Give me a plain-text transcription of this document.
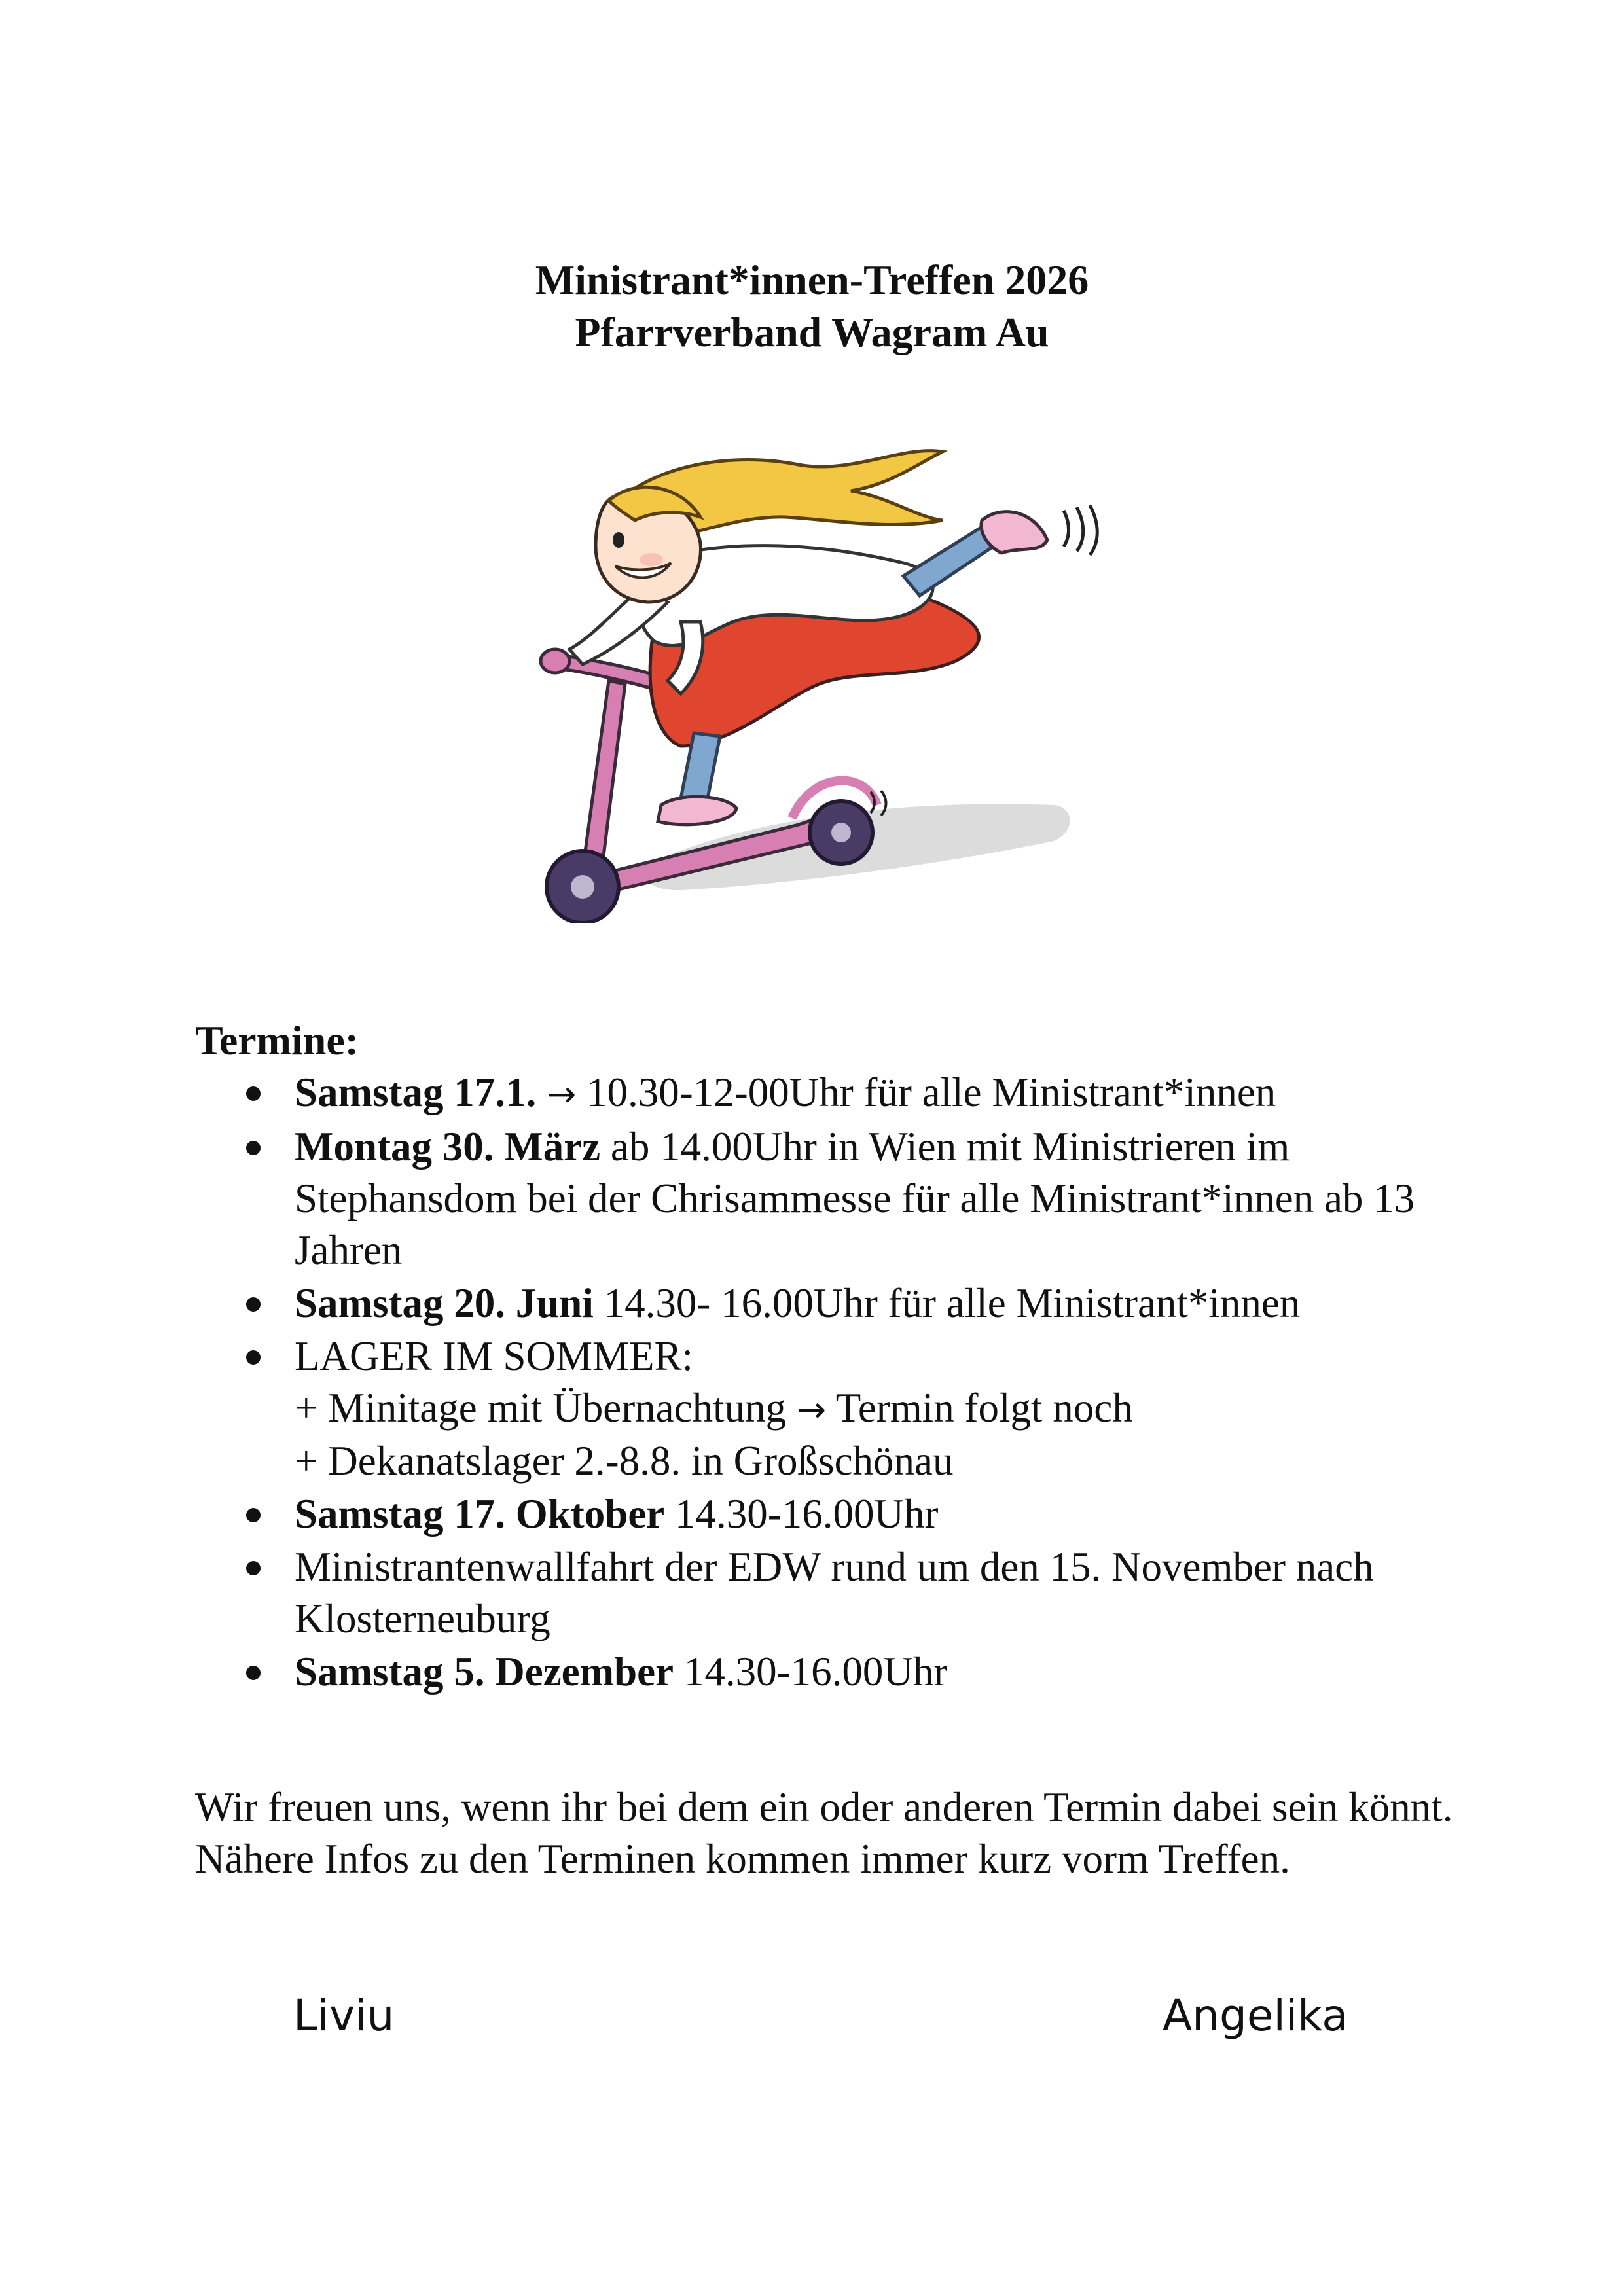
Ministrant*innen-Treffen 2026
Pfarrverband Wagram Au
Termine:
Samstag 17.1. → 10.30-12-00Uhr für alle Ministrant*innen
Montag 30. März ab 14.00Uhr in Wien mit Ministrieren im Stephansdom bei der Chrisammesse für alle Ministrant*innen ab 13 Jahren
Samstag 20. Juni 14.30- 16.00Uhr für alle Ministrant*innen
LAGER IM SOMMER:
+ Minitage mit Übernachtung → Termin folgt noch
+ Dekanatslager 2.-8.8. in Großschönau
Samstag 17. Oktober 14.30-16.00Uhr
Ministrantenwallfahrt der EDW rund um den 15. November nach Klosterneuburg
Samstag 5. Dezember 14.30-16.00Uhr
Wir freuen uns, wenn ihr bei dem ein oder anderen Termin dabei sein könnt. Nähere Infos zu den Terminen kommen immer kurz vorm Treffen.
Liviu	Angelika
